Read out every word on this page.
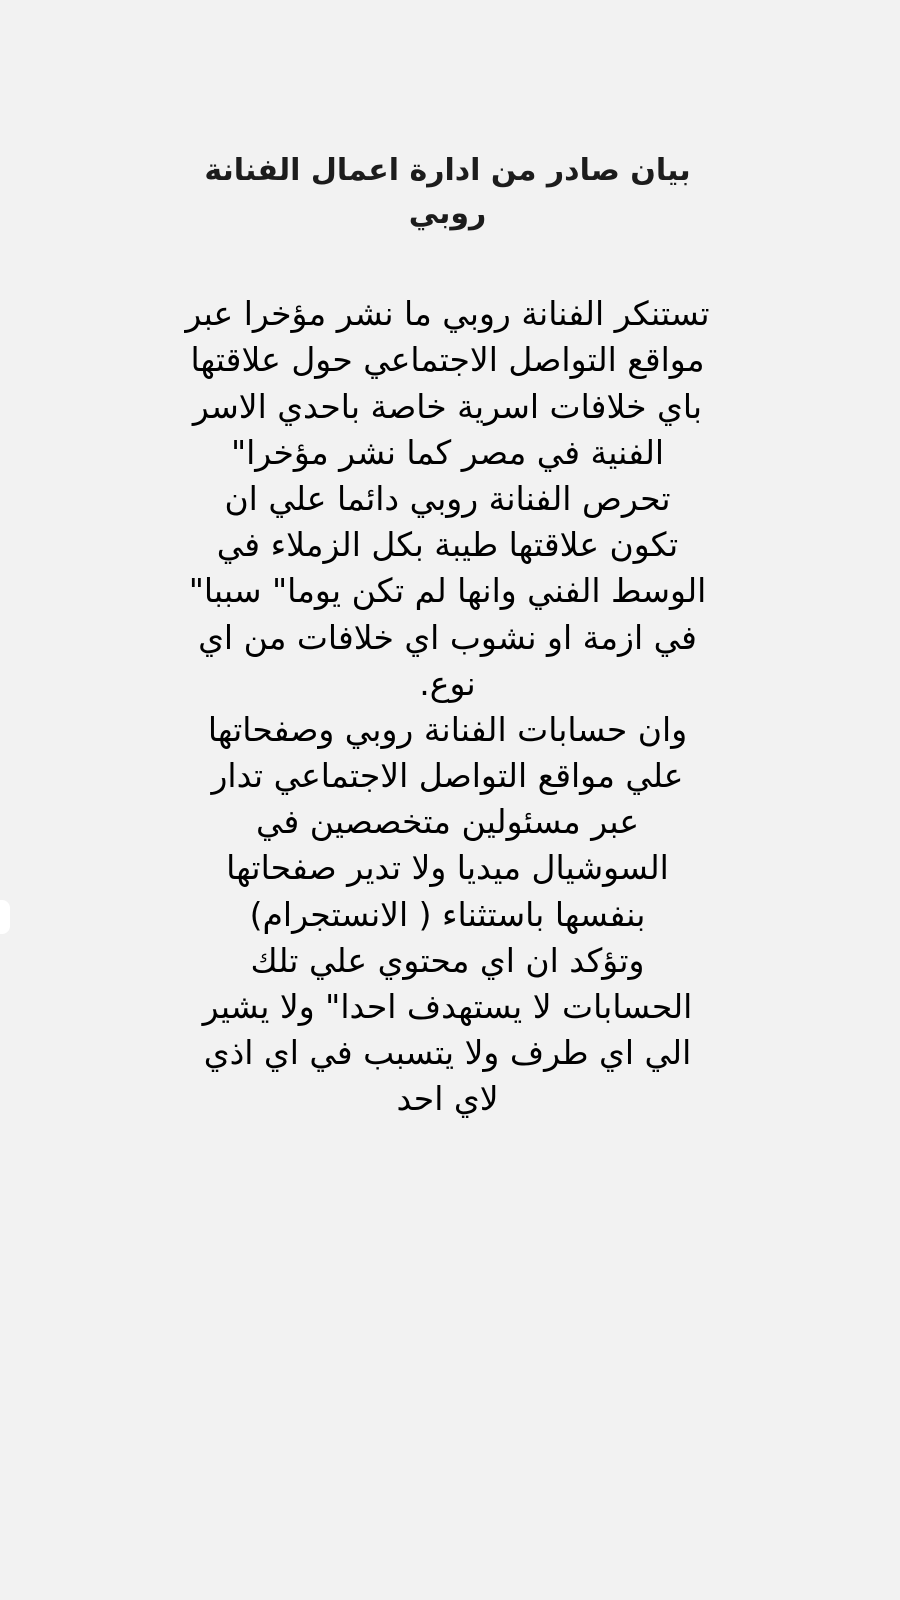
بيان صادر من ادارة اعمال الفنانة روبي

تستنكر الفنانة روبي ما نشر مؤخرا عبر مواقع التواصل الاجتماعي حول علاقتها باي خلافات اسرية خاصة باحدي الاسر الفنية في مصر كما نشر مؤخرا"

تحرص الفنانة روبي دائما علي ان تكون علاقتها طيبة بكل الزملاء في الوسط الفني وانها لم تكن يوما" سببا" في ازمة او نشوب اي خلافات من اي نوع.

وان حسابات الفنانة روبي وصفحاتها علي مواقع التواصل الاجتماعي تدار عبر مسئولين متخصصين في السوشيال ميديا ولا تدير صفحاتها بنفسها باستثناء ( الانستجرام)

وتؤكد ان اي محتوي علي تلك الحسابات لا يستهدف احدا" ولا يشير الي اي طرف ولا يتسبب في اي اذي لاي احد
